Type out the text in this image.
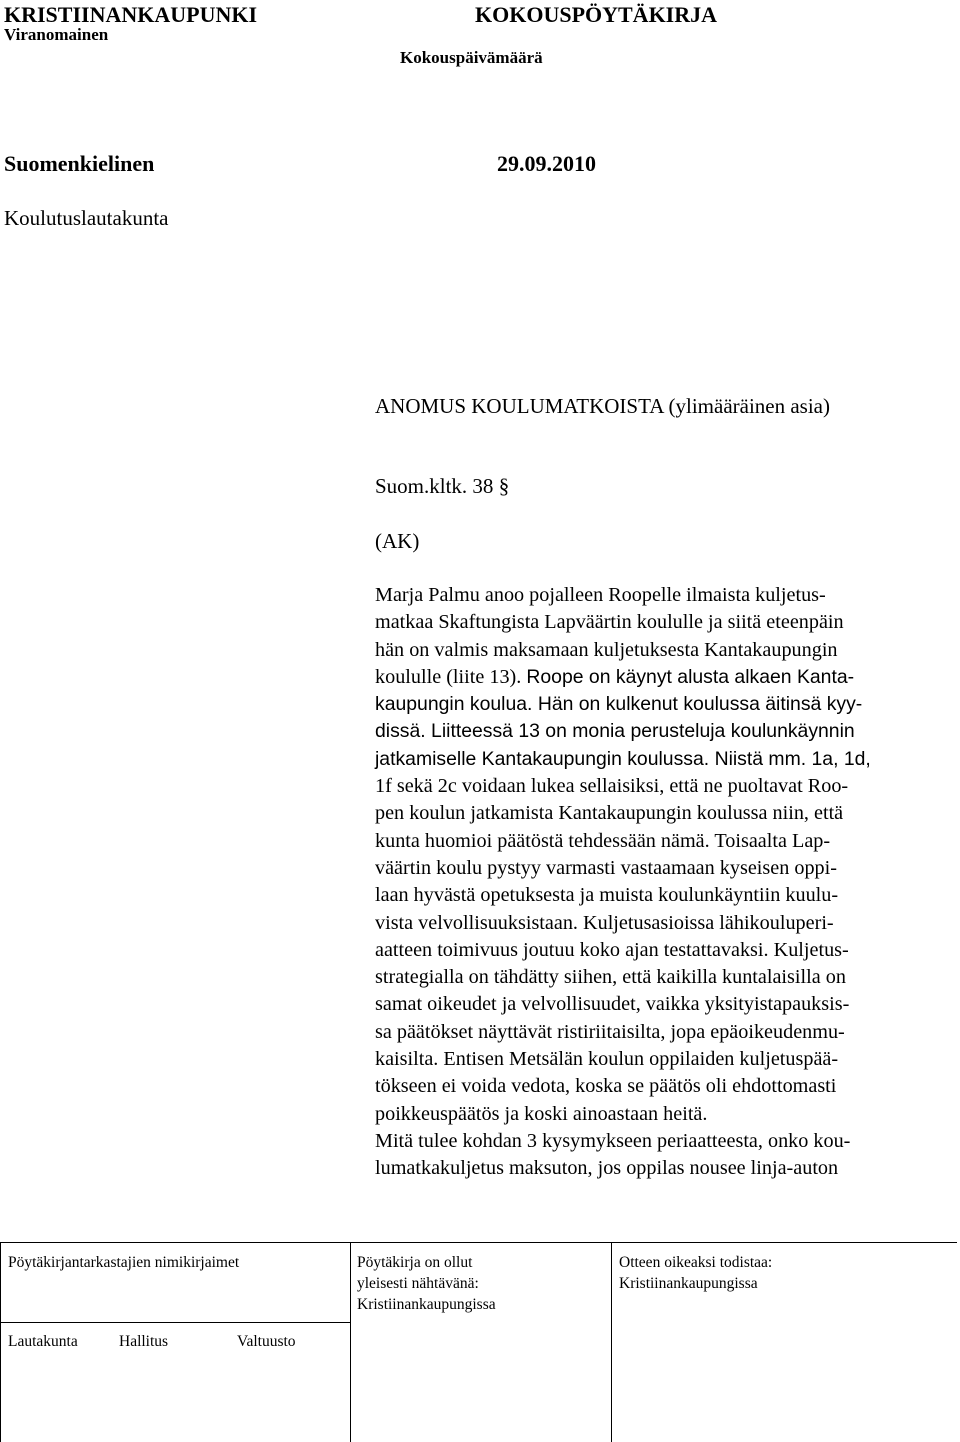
KRISTIINANKAUPUNKI	KOKOUSPÖYTÄKIRJA
Viranomainen
Kokouspäivämäärä
Suomenkielinen	29.09.2010
Koulutuslautakunta
ANOMUS KOULUMATKOISTA (ylimääräinen asia)
Suom.kltk. 38 §
(AK)
Marja Palmu anoo pojalleen Roopelle ilmaista kuljetus-
matkaa Skaftungista Lapväärtin koululle ja siitä eteenpäin
hän on valmis maksamaan kuljetuksesta Kantakaupungin
koululle (liite 13). Roope on käynyt alusta alkaen Kanta-
kaupungin koulua. Hän on kulkenut koulussa äitinsä kyy-
dissä. Liitteessä 13 on monia perusteluja koulunkäynnin
jatkamiselle Kantakaupungin koulussa. Niistä mm. 1a, 1d,
1f sekä 2c voidaan lukea sellaisiksi, että ne puoltavat Roo-
pen koulun jatkamista Kantakaupungin koulussa niin, että
kunta huomioi päätöstä tehdessään nämä. Toisaalta Lap-
väärtin koulu pystyy varmasti vastaamaan kyseisen oppi-
laan hyvästä opetuksesta ja muista koulunkäyntiin kuulu-
vista velvollisuuksistaan. Kuljetusasioissa lähikouluperi-
aatteen toimivuus joutuu koko ajan testattavaksi. Kuljetus-
strategialla on tähdätty siihen, että kaikilla kuntalaisilla on
samat oikeudet ja velvollisuudet, vaikka yksityistapauksis-
sa päätökset näyttävät ristiriitaisilta, jopa epäoikeudenmu-
kaisilta. Entisen Metsälän koulun oppilaiden kuljetuspää-
tökseen ei voida vedota, koska se päätös oli ehdottomasti
poikkeuspäätös ja koski ainoastaan heitä.
Mitä tulee kohdan 3 kysymykseen periaatteesta, onko kou-
lumatkakuljetus maksuton, jos oppilas nousee linja-auton
Pöytäkirjantarkastajien nimikirjaimet	Pöytäkirja on ollut
yleisesti nähtävänä:
Kristiinankaupungissa
Otteen oikeaksi todistaa:
Kristiinankaupungissa
Lautakunta	Hallitus	Valtuusto
